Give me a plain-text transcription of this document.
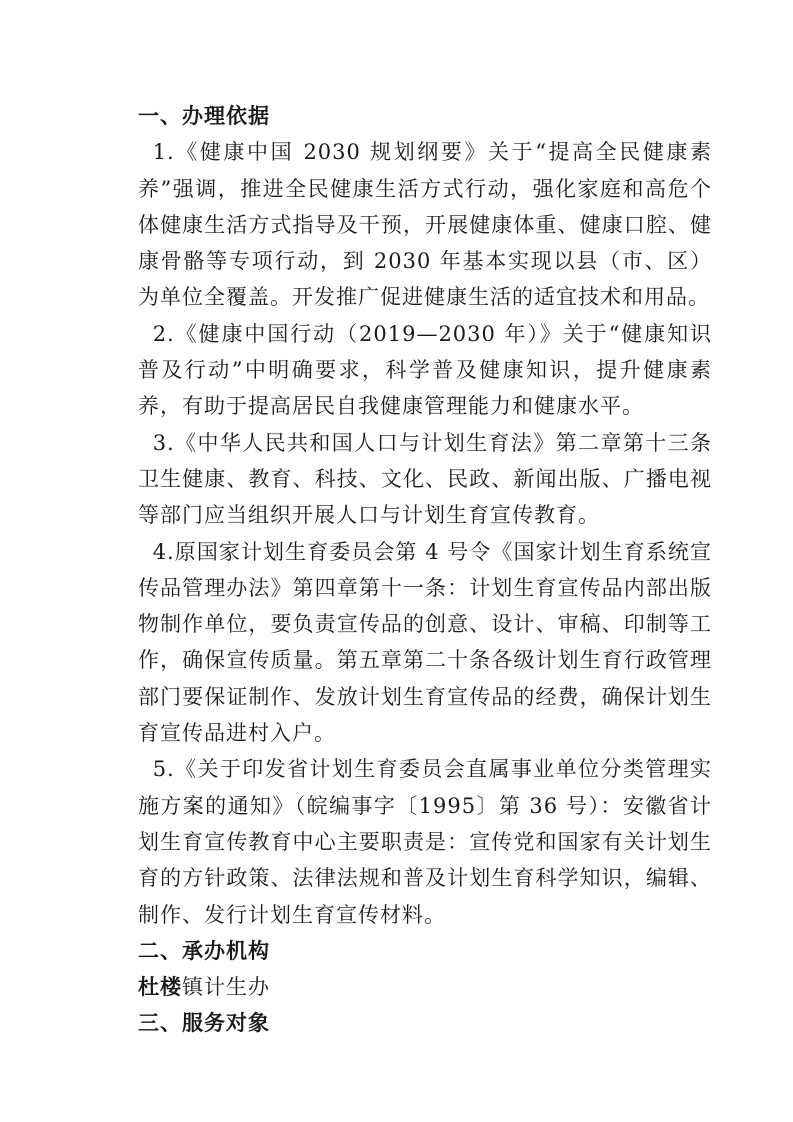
一、办理依据

1.《健康中国 2030 规划纲要》关于“提高全民健康素养”强调，推进全民健康生活方式行动，强化家庭和高危个体健康生活方式指导及干预，开展健康体重、健康口腔、健康骨骼等专项行动，到 2030 年基本实现以县（市、区）为单位全覆盖。开发推广促进健康生活的适宜技术和用品。

2.《健康中国行动（2019—2030 年）》关于“健康知识普及行动”中明确要求，科学普及健康知识，提升健康素养，有助于提高居民自我健康管理能力和健康水平。

3.《中华人民共和国人口与计划生育法》第二章第十三条 卫生健康、教育、科技、文化、民政、新闻出版、广播电视等部门应当组织开展人口与计划生育宣传教育。

4.原国家计划生育委员会第 4 号令《国家计划生育系统宣传品管理办法》第四章第十一条：计划生育宣传品内部出版物制作单位，要负责宣传品的创意、设计、审稿、印制等工作，确保宣传质量。第五章第二十条各级计划生育行政管理部门要保证制作、发放计划生育宣传品的经费，确保计划生育宣传品进村入户。

5.《关于印发省计划生育委员会直属事业单位分类管理实施方案的通知》（皖编事字〔1995〕第 36 号）：安徽省计划生育宣传教育中心主要职责是：宣传党和国家有关计划生育的方针政策、法律法规和普及计划生育科学知识，编辑、制作、发行计划生育宣传材料。

二、承办机构

杜楼镇计生办

三、服务对象
